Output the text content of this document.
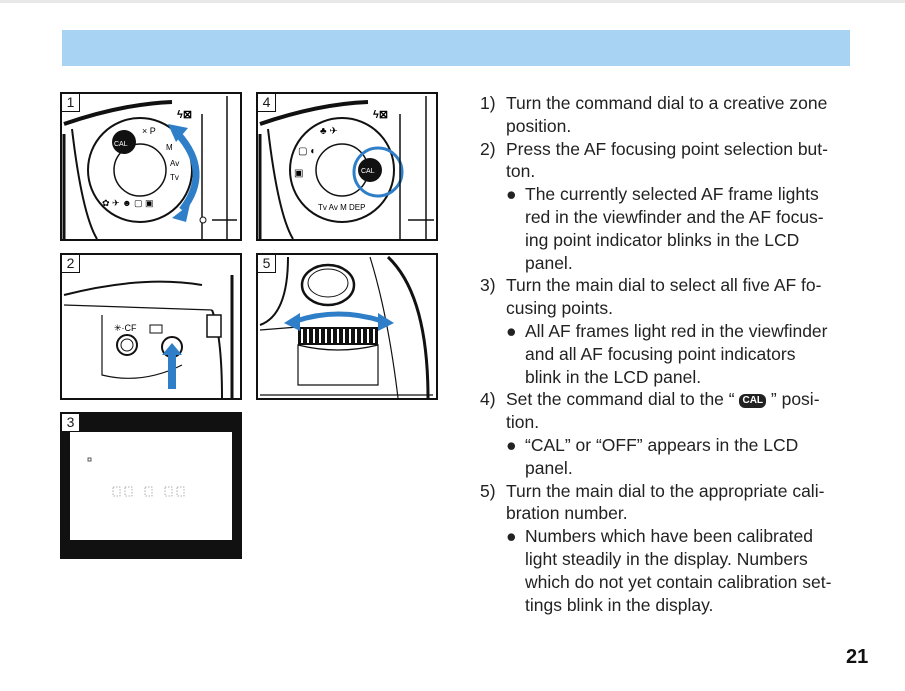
1
CAL
× P
M
Av
Tv
✿ ✈ ☻ ▢ ▣
ϟ⊠
4
▢ ◐
▣
♣ ✈
Tv Av M DEP
CAL
ϟ⊠
2
✳·CF
5
3
1) Turn the command dial to a creative zone
position.
2) Press the AF focusing point selection but-
ton.
● The currently selected AF frame lights
red in the viewfinder and the AF focus-
ing point indicator blinks in the LCD
panel.
3) Turn the main dial to select all five AF fo-
cusing points.
● All AF frames light red in the viewfinder
and all AF focusing point indicators
blink in the LCD panel.
4) Set the command dial to the “ CAL ” posi-
tion.
● “CAL” or “OFF” appears in the LCD
panel.
5) Turn the main dial to the appropriate cali-
bration number.
● Numbers which have been calibrated
light steadily in the display. Numbers
which do not yet contain calibration set-
tings blink in the display.
21
